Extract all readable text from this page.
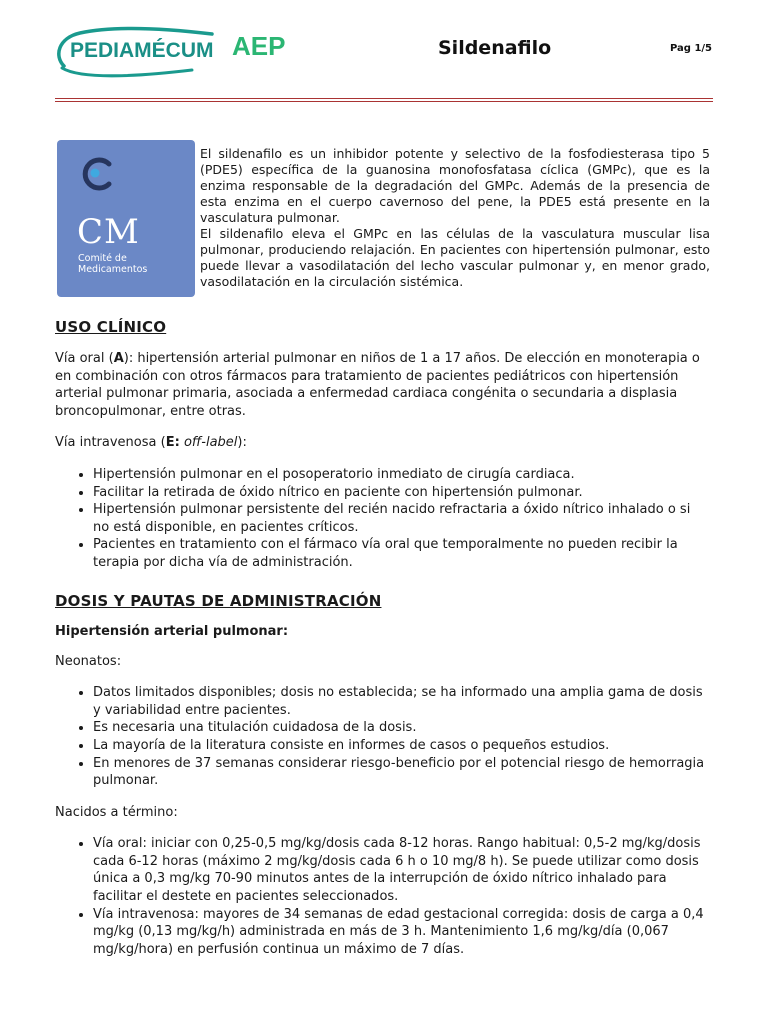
PEDIAMÉCUM AEP	Sildenafilo	Pag 1/5
CM
Comité de
Medicamentos

El sildenafilo es un inhibidor potente y selectivo de la fosfodiesterasa tipo 5 (PDE5) específica de la guanosina monofosfatasa cíclica (GMPc), que es la enzima responsable de la degradación del GMPc. Además de la presencia de esta enzima en el cuerpo cavernoso del pene, la PDE5 está presente en la vasculatura pulmonar.

El sildenafilo eleva el GMPc en las células de la vasculatura muscular lisa pulmonar, produciendo relajación. En pacientes con hipertensión pulmonar, esto puede llevar a vasodilatación del lecho vascular pulmonar y, en menor grado, vasodilatación en la circulación sistémica.

USO CLÍNICO

Vía oral (A): hipertensión arterial pulmonar en niños de 1 a 17 años. De elección en monoterapia o en combinación con otros fármacos para tratamiento de pacientes pediátricos con hipertensión arterial pulmonar primaria, asociada a enfermedad cardiaca congénita o secundaria a displasia broncopulmonar, entre otras.

Vía intravenosa (E: off-label):

• Hipertensión pulmonar en el posoperatorio inmediato de cirugía cardiaca.
• Facilitar la retirada de óxido nítrico en paciente con hipertensión pulmonar.
• Hipertensión pulmonar persistente del recién nacido refractaria a óxido nítrico inhalado o si no está disponible, en pacientes críticos.
• Pacientes en tratamiento con el fármaco vía oral que temporalmente no pueden recibir la terapia por dicha vía de administración.
DOSIS Y PAUTAS DE ADMINISTRACIÓN
Hipertensión arterial pulmonar:

Neonatos:

• Datos limitados disponibles; dosis no establecida; se ha informado una amplia gama de dosis y variabilidad entre pacientes.
• Es necesaria una titulación cuidadosa de la dosis.
• La mayoría de la literatura consiste en informes de casos o pequeños estudios.
• En menores de 37 semanas considerar riesgo-beneficio por el potencial riesgo de hemorragia pulmonar.

Nacidos a término:

• Vía oral: iniciar con 0,25-0,5 mg/kg/dosis cada 8-12 horas. Rango habitual: 0,5-2 mg/kg/dosis cada 6-12 horas (máximo 2 mg/kg/dosis cada 6 h o 10 mg/8 h). Se puede utilizar como dosis única a 0,3 mg/kg 70-90 minutos antes de la interrupción de óxido nítrico inhalado para facilitar el destete en pacientes seleccionados.
• Vía intravenosa: mayores de 34 semanas de edad gestacional corregida: dosis de carga a 0,4 mg/kg (0,13 mg/kg/h) administrada en más de 3 h. Mantenimiento 1,6 mg/kg/día (0,067 mg/kg/hora) en perfusión continua un máximo de 7 días.
